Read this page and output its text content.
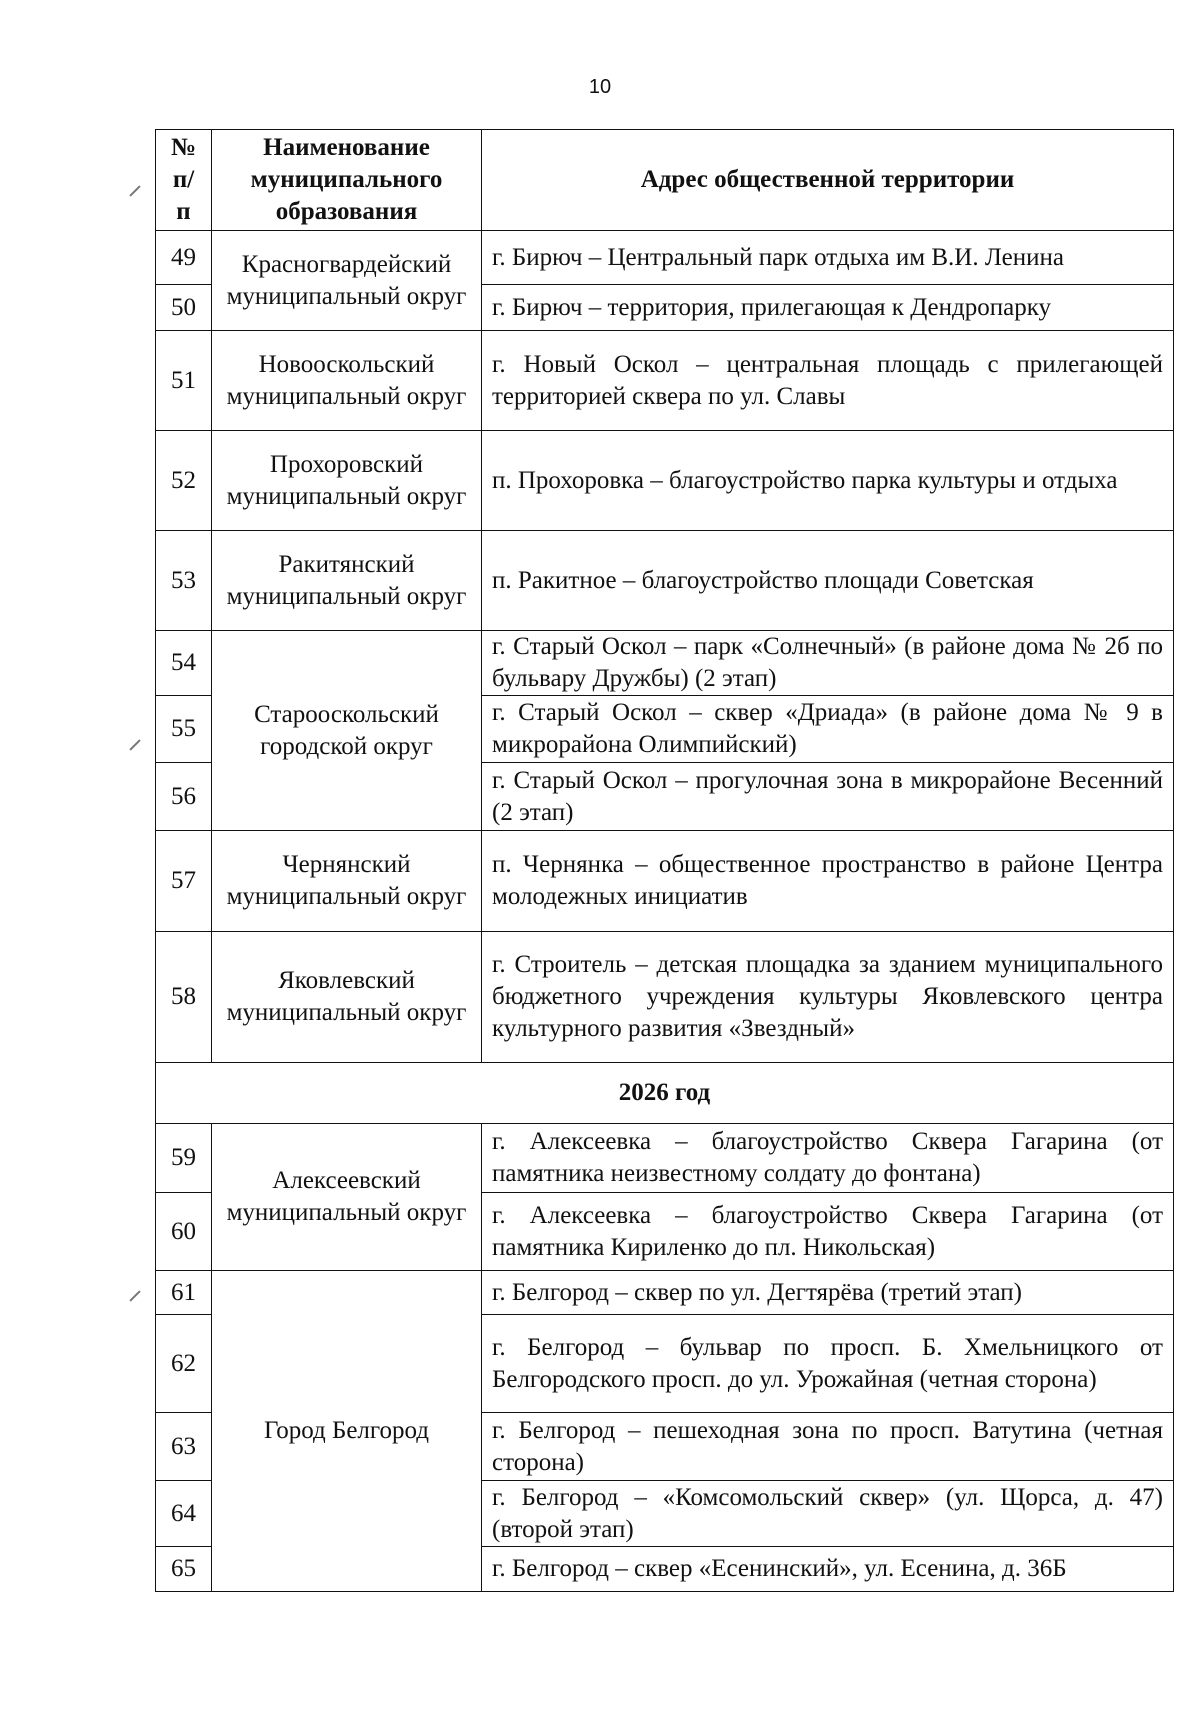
10
№ п/п	Наименование муниципального образования	Адрес общественной территории
49	Красногвардейский муниципальный округ	г. Бирюч – Центральный парк отдыха им В.И. Ленина
50		г. Бирюч – территория, прилегающая к Дендропарку
51	Новооскольский муниципальный округ	г. Новый Оскол – центральная площадь с прилегающей территорией сквера по ул. Славы
52	Прохоровский муниципальный округ	п. Прохоровка – благоустройство парка культуры и отдыха
53	Ракитянский муниципальный округ	п. Ракитное – благоустройство площади Советская
54	Старооскольский городской округ	г. Старый Оскол – парк «Солнечный» (в районе дома № 2б по бульвару Дружбы) (2 этап)
55		г. Старый Оскол – сквер «Дриада» (в районе дома № 9 в микрорайона Олимпийский)
56		г. Старый Оскол – прогулочная зона в микрорайоне Весенний (2 этап)
57	Чернянский муниципальный округ	п. Чернянка – общественное пространство в районе Центра молодежных инициатив
58	Яковлевский муниципальный округ	г. Строитель – детская площадка за зданием муниципального бюджетного учреждения культуры Яковлевского центра культурного развития «Звездный»
2026 год		
59	Алексеевский муниципальный округ	г. Алексеевка – благоустройство Сквера Гагарина (от памятника неизвестному солдату до фонтана)
60		г. Алексеевка – благоустройство Сквера Гагарина (от памятника Кириленко до пл. Никольская)
61	Город Белгород	г. Белгород – сквер по ул. Дегтярёва (третий этап)
62		г. Белгород – бульвар по просп. Б. Хмельницкого от Белгородского просп. до ул. Урожайная (четная сторона)
63		г. Белгород – пешеходная зона по просп. Ватутина (четная сторона)
64		г. Белгород – «Комсомольский сквер» (ул. Щорса, д. 47) (второй этап)
65		г. Белгород – сквер «Есенинский», ул. Есенина, д. 36Б
